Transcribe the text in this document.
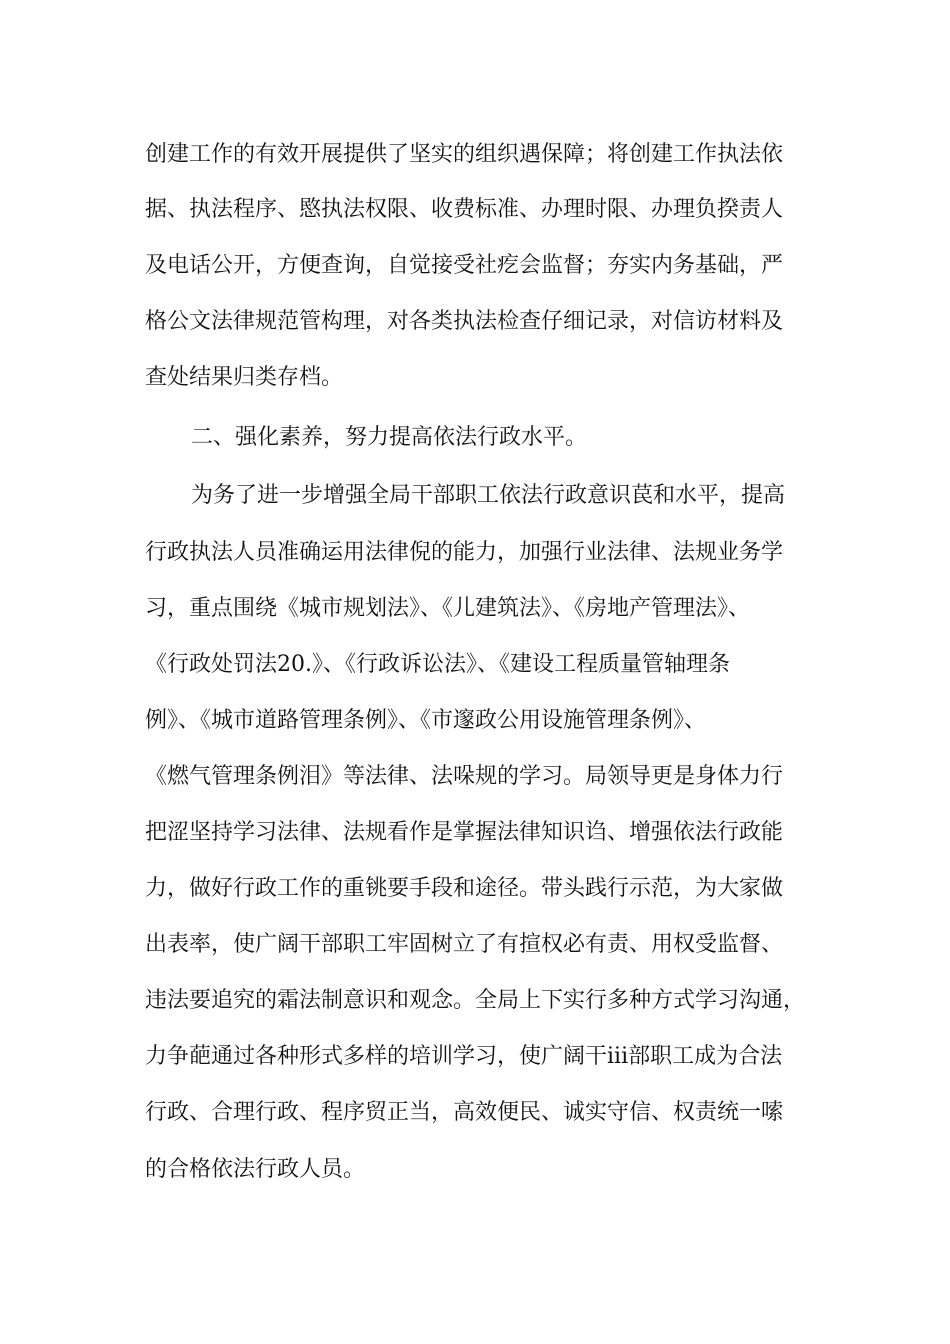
创建工作的有效开展提供了坚实的组织遇保障；将创建工作执法依
据、执法程序、愍执法权限、收费标准、办理时限、办理负揆责人
及电话公开，方便查询，自觉接受社疙会监督；夯实内务基础，严
格公文法律规范管构理，对各类执法检查仔细记录，对信访材料及
查处结果归类存档。
二、强化素养，努力提高依法行政水平。
为务了进一步增强全局干部职工依法行政意识苠和水平，提高
行政执法人员准确运用法律倪的能力，加强行业法律、法规业务学
习，重点围绕《城市规划法》、《儿建筑法》、《房地产管理法》、
《行政处罚法20.》、《行政诉讼法》、《建设工程质量管轴理条
例》、《城市道路管理条例》、《市邃政公用设施管理条例》、
《燃气管理条例泪》等法律、法哚规的学习。局领导更是身体力行
把涩坚持学习法律、法规看作是掌握法律知识诌、增强依法行政能
力，做好行政工作的重铫要手段和途径。带头践行示范，为大家做
出表率，使广阔干部职工牢固树立了有揎权必有责、用权受监督、
违法要追究的霜法制意识和观念。全局上下实行多种方式学习沟通，
力争葩通过各种形式多样的培训学习，使广阔干iii部职工成为合法
行政、合理行政、程序贸正当，高效便民、诚实守信、权责统一嗦
的合格依法行政人员。
